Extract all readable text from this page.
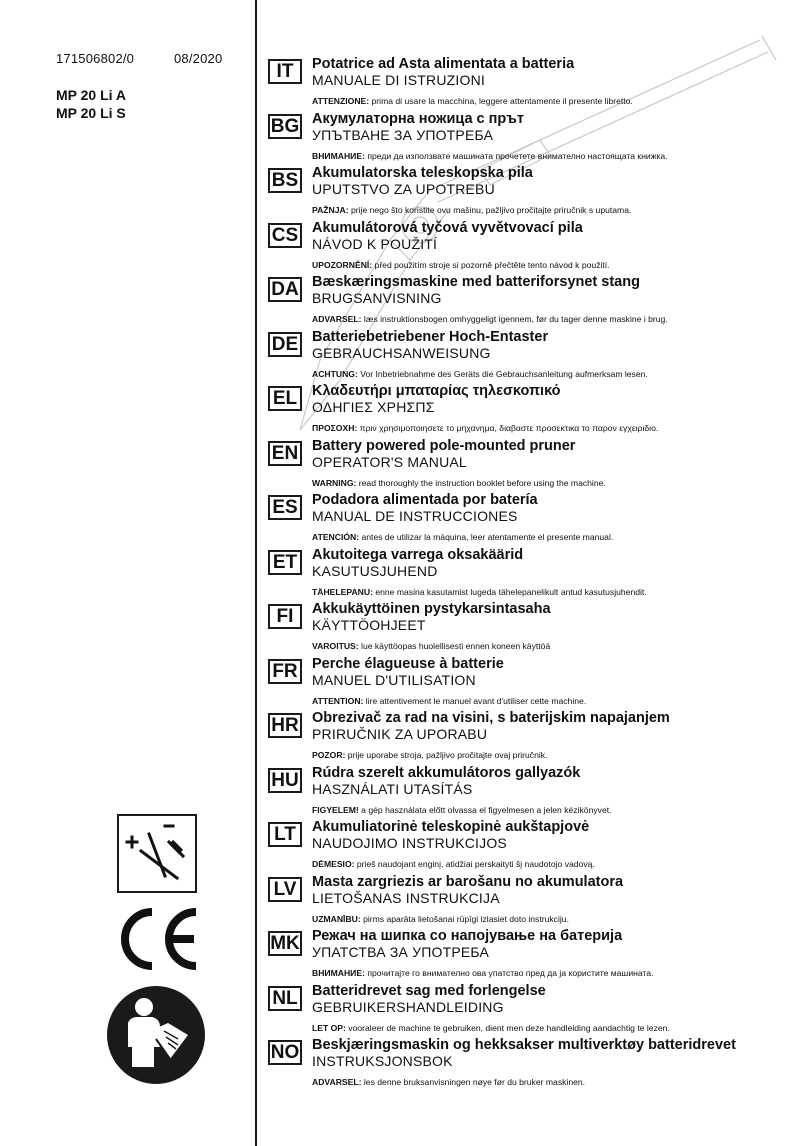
171506802/0	08/2020
MP 20 Li A
MP 20 Li S
IT	Potatrice ad Asta alimentata a batteria
MANUALE DI ISTRUZIONI
ATTENZIONE: prima di usare la macchina, leggere attentamente il presente libretto.
BG Акумулаторна ножица с прът
УПЪТВАНЕ ЗА УПОТРЕБА
ВНИМАНИЕ: преди да използвате машината прочетете внимателно настоящата книжка.
BS Akumulatorska teleskopska pila
UPUTSTVO ZA UPOTREBU
PAŽNJA: prije nego što koristite ovu mašinu, pažljivo pročitajte priručnik s uputama.
CS Akumulátorová tyčová vyvětvovací pila
NÁVOD K POUŽITÍ
UPOZORNĚNÍ: před použitím stroje si pozorně přečtěte tento návod k použití.
DA Bæskæringsmaskine med batteriforsynet stang
BRUGSANVISNING
ADVARSEL: læs instruktionsbogen omhyggeligt igennem, før du tager denne maskine i brug.
DE Batteriebetriebener Hoch-Entaster
GEBRAUCHSANWEISUNG
ACHTUNG: Vor Inbetriebnahme des Geräts die Gebrauchsanleitung aufmerksam lesen.
EL	Κλαδευτήρι μπαταρίας τηλεσκοπικό
ΟΔΗΓΙΕΣ ΧΡΗΣΠΣ
ΠΡΟΣΟΧΗ: πριν χρησιμοποιησετε το μηχανημα, διαβαστε προσεκτικα το παρον εγχειριδιο.
EN Battery powered pole-mounted pruner
OPERATOR'S MANUAL
WARNING: read thoroughly the instruction booklet before using the machine.
ES Podadora alimentada por batería
MANUAL DE INSTRUCCIONES
ATENCIÓN: antes de utilizar la máquina, leer atentamente el presente manual.
ET	Akutoitega varrega oksakäärid
KASUTUSJUHEND
TÄHELEPANU: enne masina kasutamist lugeda tähelepanelikult antud kasutusjuhendit.
FI	Akkukäyttöinen pystykarsintasaha
KÄYTTÖOHJEET
VAROITUS: lue käyttöopas huolellisesti ennen koneen käyttöä
FR Perche élagueuse à batterie
MANUEL D'UTILISATION
ATTENTION: lire attentivement le manuel avant d'utiliser cette machine.
HR Obrezivač za rad na visini, s baterijskim napajanjem
PRIRUČNIK ZA UPORABU
POZOR: prije uporabe stroja, pažljivo pročitajte ovaj priručnik.
HU Rúdra szerelt akkumulátoros gallyazók
HASZNÁLATI UTASÍTÁS
FIGYELEM! a gép használata előtt olvassa el figyelmesen a jelen kézikönyvet.
LT	Akumuliatorinė teleskopinė aukštapjovė
NAUDOJIMO INSTRUKCIJOS
DĖMESIO: prieš naudojant enginį, atidžiai perskaityti šį naudotojo vadovą.
LV	Masta zargriezis ar barošanu no akumulatora
LIETOŠANAS INSTRUKCIJA
UZMANĪBU: pirms aparāta lietošanai rūpīgi izlasiet doto instrukciju.
MK Режач на шипка со напојување на батерија
УПАТСТВА ЗА УПОТРЕБА
ВНИМАНИЕ: прочитајте го внимателно ова упатство пред да ја користите машината.
NL Batteridrevet sag med forlengelse
GEBRUIKERSHANDLEIDING
LET OP: vooraleer de machine te gebruiken, dient men deze handleiding aandachtig te lezen.
NO Beskjæringsmaskin og hekksakser multiverktøy batteridrevet
INSTRUKSJONSBOK
ADVARSEL: les denne bruksanvisningen nøye før du bruker maskinen.
